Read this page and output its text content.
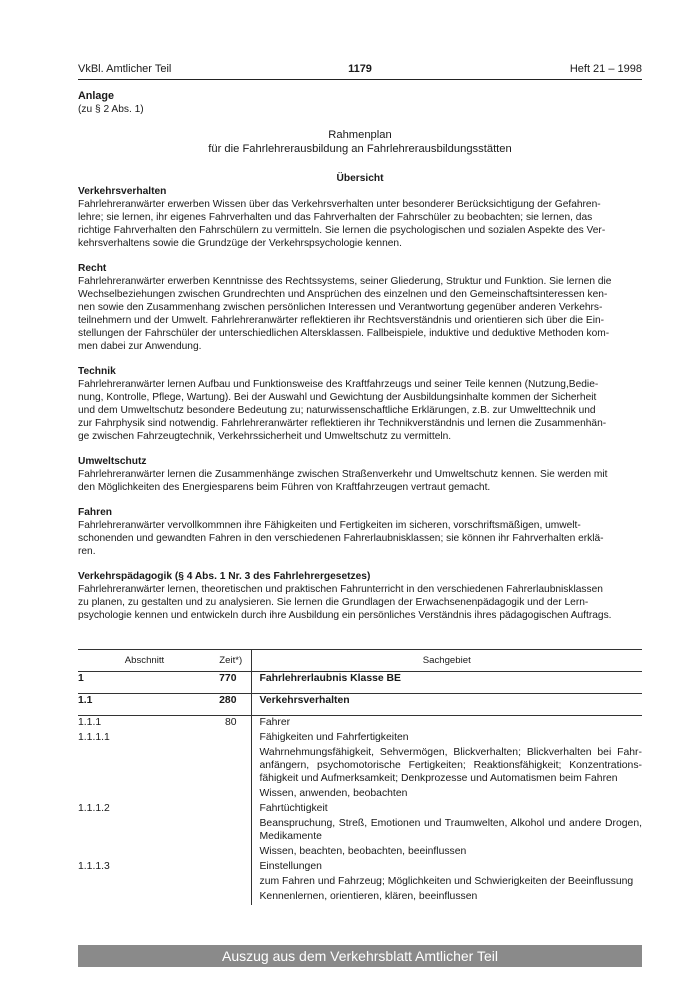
VkBl. Amtlicher Teil	1179	Heft 21 – 1998
Anlage
(zu § 2 Abs. 1)
Rahmenplan
für die Fahrlehrerausbildung an Fahrlehrerausbildungsstätten
Übersicht
Verkehrsverhalten
Fahrlehreranwärter erwerben Wissen über das Verkehrsverhalten unter besonderer Berücksichtigung der Gefahren-
lehre; sie lernen, ihr eigenes Fahrverhalten und das Fahrverhalten der Fahrschüler zu beobachten; sie lernen, das
richtige Fahrverhalten den Fahrschülern zu vermitteln. Sie lernen die psychologischen und sozialen Aspekte des Ver-
kehrsverhaltens sowie die Grundzüge der Verkehrspsychologie kennen.
Recht
Fahrlehreranwärter erwerben Kenntnisse des Rechtssystems, seiner Gliederung, Struktur und Funktion. Sie lernen die
Wechselbeziehungen zwischen Grundrechten und Ansprüchen des einzelnen und den Gemeinschaftsinteressen ken-
nen sowie den Zusammenhang zwischen persönlichen Interessen und Verantwortung gegenüber anderen Verkehrs-
teilnehmern und der Umwelt. Fahrlehreranwärter reflektieren ihr Rechtsverständnis und orientieren sich über die Ein-
stellungen der Fahrschüler der unterschiedlichen Altersklassen. Fallbeispiele, induktive und deduktive Methoden kom-
men dabei zur Anwendung.
Technik
Fahrlehreranwärter lernen Aufbau und Funktionsweise des Kraftfahrzeugs und seiner Teile kennen (Nutzung,Bedie-
nung, Kontrolle, Pflege, Wartung). Bei der Auswahl und Gewichtung der Ausbildungsinhalte kommen der Sicherheit
und dem Umweltschutz besondere Bedeutung zu; naturwissenschaftliche Erklärungen, z.B. zur Umwelttechnik und
zur Fahrphysik sind notwendig. Fahrlehreranwärter reflektieren ihr Technikverständnis und lernen die Zusammenhän-
ge zwischen Fahrzeugtechnik, Verkehrssicherheit und Umweltschutz zu vermitteln.
Umweltschutz
Fahrlehreranwärter lernen die Zusammenhänge zwischen Straßenverkehr und Umweltschutz kennen. Sie werden mit
den Möglichkeiten des Energiesparens beim Führen von Kraftfahrzeugen vertraut gemacht.
Fahren
Fahrlehreranwärter vervollkommnen ihre Fähigkeiten und Fertigkeiten im sicheren, vorschriftsmäßigen, umwelt-
schonenden und gewandten Fahren in den verschiedenen Fahrerlaubnisklassen; sie können ihr Fahrverhalten erklä-
ren.
Verkehrspädagogik (§ 4 Abs. 1 Nr. 3 des Fahrlehrergesetzes)
Fahrlehreranwärter lernen, theoretischen und praktischen Fahrunterricht in den verschiedenen Fahrerlaubnisklassen
zu planen, zu gestalten und zu analysieren. Sie lernen die Grundlagen der Erwachsenenpädagogik und der Lern-
psychologie kennen und entwickeln durch ihre Ausbildung ein persönliches Verständnis ihres pädagogischen Auftrags.
Abschnitt	Zeit*)	Sachgebiet
1	770	Fahrlehrerlaubnis Klasse BE
1.1	280	Verkehrsverhalten
1.1.1	80	Fahrer
1.1.1.1		Fähigkeiten und Fahrfertigkeiten
		Wahrnehmungsfähigkeit, Sehvermögen, Blickverhalten; Blickverhalten bei Fahranfängern, psychomotorische Fertigkeiten; Reaktionsfähigkeit; Konzentrationsfähigkeit und Aufmerksamkeit; Denkprozesse und Automatismen beim Fahren
		Wissen, anwenden, beobachten
1.1.1.2		Fahrtüchtigkeit
		Beanspruchung, Streß, Emotionen und Traumwelten, Alkohol und andere Drogen, Medikamente
		Wissen, beachten, beobachten, beeinflussen
1.1.1.3		Einstellungen
		zum Fahren und Fahrzeug; Möglichkeiten und Schwierigkeiten der Beeinflussung
		Kennenlernen, orientieren, klären, beeinflussen
Auszug aus dem Verkehrsblatt Amtlicher Teil
